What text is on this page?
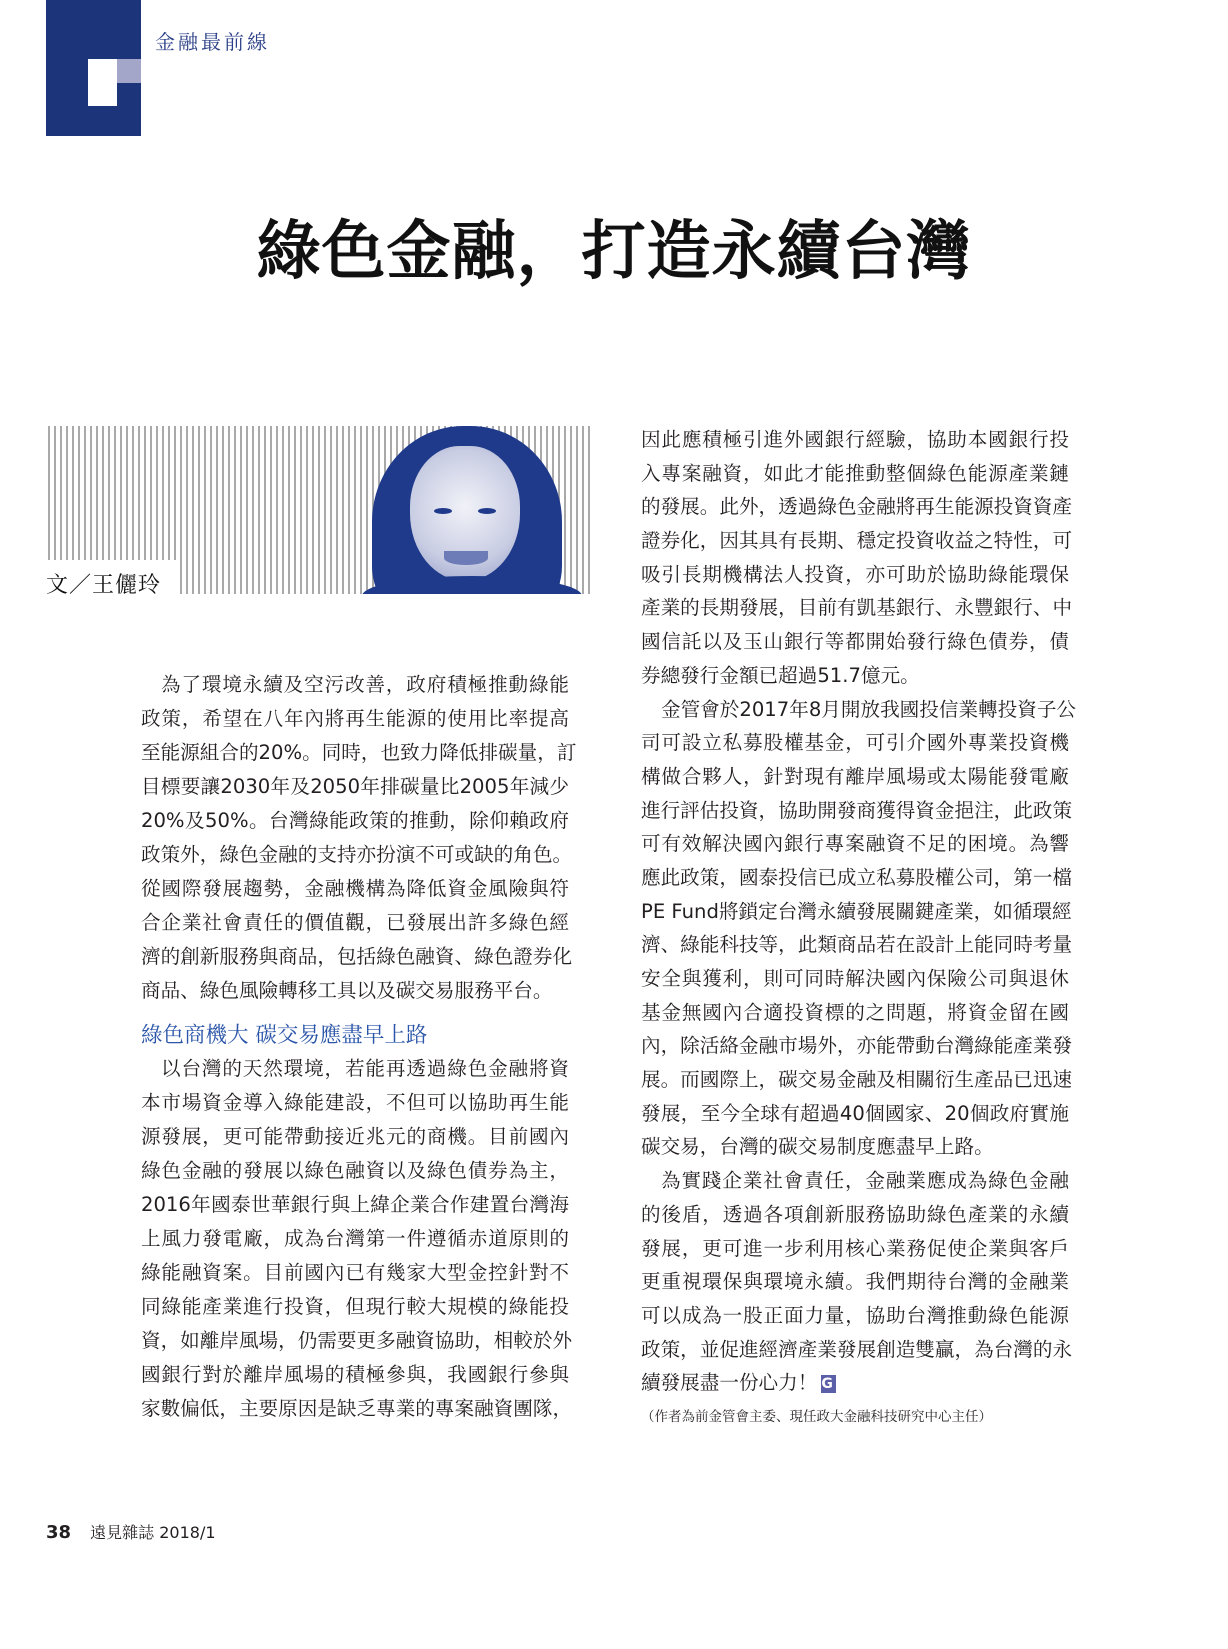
金融最前線
綠色金融，打造永續台灣
文／王儷玲
為了環境永續及空污改善，政府積極推動綠能
政策，希望在八年內將再生能源的使用比率提高
至能源組合的20%。同時，也致力降低排碳量，訂
目標要讓2030年及2050年排碳量比2005年減少
20%及50%。台灣綠能政策的推動，除仰賴政府
政策外，綠色金融的支持亦扮演不可或缺的角色。
從國際發展趨勢，金融機構為降低資金風險與符
合企業社會責任的價值觀，已發展出許多綠色經
濟的創新服務與商品，包括綠色融資、綠色證券化
商品、綠色風險轉移工具以及碳交易服務平台。
綠色商機大 碳交易應盡早上路
以台灣的天然環境，若能再透過綠色金融將資
本市場資金導入綠能建設，不但可以協助再生能
源發展，更可能帶動接近兆元的商機。目前國內
綠色金融的發展以綠色融資以及綠色債券為主，
2016年國泰世華銀行與上緯企業合作建置台灣海
上風力發電廠，成為台灣第一件遵循赤道原則的
綠能融資案。目前國內已有幾家大型金控針對不
同綠能產業進行投資，但現行較大規模的綠能投
資，如離岸風場，仍需要更多融資協助，相較於外
國銀行對於離岸風場的積極參與，我國銀行參與
家數偏低，主要原因是缺乏專業的專案融資團隊，
因此應積極引進外國銀行經驗，協助本國銀行投
入專案融資，如此才能推動整個綠色能源產業鏈
的發展。此外，透過綠色金融將再生能源投資資產
證券化，因其具有長期、穩定投資收益之特性，可
吸引長期機構法人投資，亦可助於協助綠能環保
產業的長期發展，目前有凱基銀行、永豐銀行、中
國信託以及玉山銀行等都開始發行綠色債券，債
券總發行金額已超過51.7億元。
金管會於2017年8月開放我國投信業轉投資子公
司可設立私募股權基金，可引介國外專業投資機
構做合夥人，針對現有離岸風場或太陽能發電廠
進行評估投資，協助開發商獲得資金挹注，此政策
可有效解決國內銀行專案融資不足的困境。為響
應此政策，國泰投信已成立私募股權公司，第一檔
PE Fund將鎖定台灣永續發展關鍵產業，如循環經
濟、綠能科技等，此類商品若在設計上能同時考量
安全與獲利，則可同時解決國內保險公司與退休
基金無國內合適投資標的之問題，將資金留在國
內，除活絡金融市場外，亦能帶動台灣綠能產業發
展。而國際上，碳交易金融及相關衍生產品已迅速
發展，至今全球有超過40個國家、20個政府實施
碳交易，台灣的碳交易制度應盡早上路。
為實踐企業社會責任，金融業應成為綠色金融
的後盾，透過各項創新服務協助綠色產業的永續
發展，更可進一步利用核心業務促使企業與客戶
更重視環保與環境永續。我們期待台灣的金融業
可以成為一股正面力量，協助台灣推動綠色能源
政策，並促進經濟產業發展創造雙贏，為台灣的永
續發展盡一份心力！ G
（作者為前金管會主委、現任政大金融科技研究中心主任）
38 遠見雜誌 2018/1
